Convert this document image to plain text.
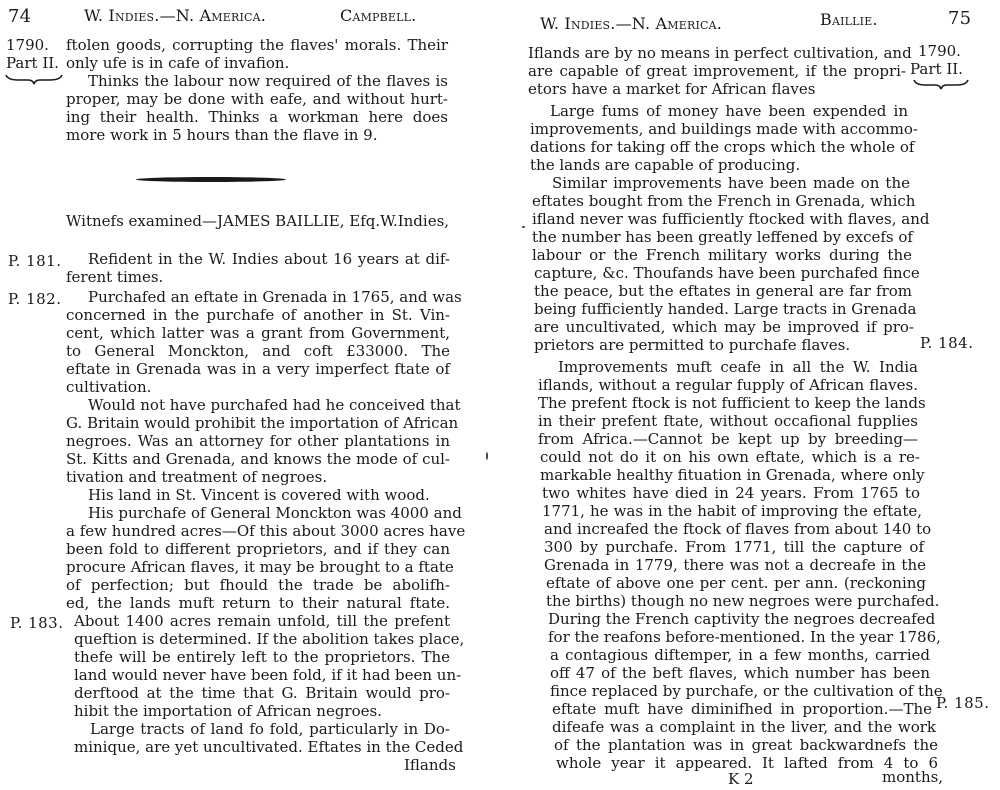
74	W. Indies.—N. America.	Campbell.
1790.
Part II.
ftolen goods, corrupting the flaves' morals. Their
only ufe is in cafe of invafion.
Thinks the labour now required of the flaves is
proper, may be done with eafe, and without hurt-
ing their health. Thinks a workman here does
more work in 5 hours than the flave in 9.
Witnefs examined—JAMES BAILLIE, Efq.W.Indies,
P. 181. Refident in the W. Indies about 16 years at dif-
ferent times.
P. 182. Purchafed an eftate in Grenada in 1765, and was
concerned in the purchafe of another in St. Vin-
cent, which latter was a grant from Government,
to General Monckton, and coft £33000. The
eftate in Grenada was in a very imperfect ftate of
cultivation.
Would not have purchafed had he conceived that
G. Britain would prohibit the importation of African
negroes. Was an attorney for other plantations in
St. Kitts and Grenada, and knows the mode of cul-
tivation and treatment of negroes.
His land in St. Vincent is covered with wood.
His purchafe of General Monckton was 4000 and
a few hundred acres—Of this about 3000 acres have
been fold to different proprietors, and if they can
procure African flaves, it may be brought to a ftate
of perfection; but fhould the trade be abolifh-
ed, the lands muft return to their natural ftate.
P. 183. About 1400 acres remain unfold, till the prefent
queftion is determined. If the abolition takes place,
thefe will be entirely left to the proprietors. The
land would never have been fold, if it had been un-
derftood at the time that G. Britain would pro-
hibit the importation of African negroes.
Large tracts of land fo fold, particularly in Do-
minique, are yet uncultivated. Eftates in the Ceded
Iflands
W. Indies.—N. America.	Baillie.	75
1790.
Part II.
Iflands are by no means in perfect cultivation, and
are capable of great improvement, if the propri-
etors have a market for African flaves
Large fums of money have been expended in
improvements, and buildings made with accommo-
dations for taking off the crops which the whole of
the lands are capable of producing.
Similar improvements have been made on the
eftates bought from the French in Grenada, which
ifland never was fufficiently ftocked with flaves, and
the number has been greatly leffened by excefs of
labour or the French military works during the
capture, &c. Thoufands have been purchafed fince
the peace, but the eftates in general are far from
being fufficiently handed. Large tracts in Grenada
are uncultivated, which may be improved if pro-
prietors are permitted to purchafe flaves.	P. 184.
Improvements muft ceafe in all the W. India
iflands, without a regular fupply of African flaves.
The prefent ftock is not fufficient to keep the lands
in their prefent ftate, without occafional fupplies
from Africa.—Cannot be kept up by breeding—
could not do it on his own eftate, which is a re-
markable healthy fituation in Grenada, where only
two whites have died in 24 years. From 1765 to
1771, he was in the habit of improving the eftate,
and increafed the ftock of flaves from about 140 to
300 by purchafe. From 1771, till the capture of
Grenada in 1779, there was not a decreafe in the
eftate of above one per cent. per ann. (reckoning
the births) though no new negroes were purchafed.
During the French captivity the negroes decreafed
for the reafons before-mentioned. In the year 1786,
a contagious diftemper, in a few months, carried
off 47 of the beft flaves, which number has been
fince replaced by purchafe, or the cultivation of the
eftate muft have diminifhed in proportion.—The P. 185.
difeafe was a complaint in the liver, and the work
of the plantation was in great backwardnefs the
whole year it appeared. It lafted from 4 to 6
K 2	months,
